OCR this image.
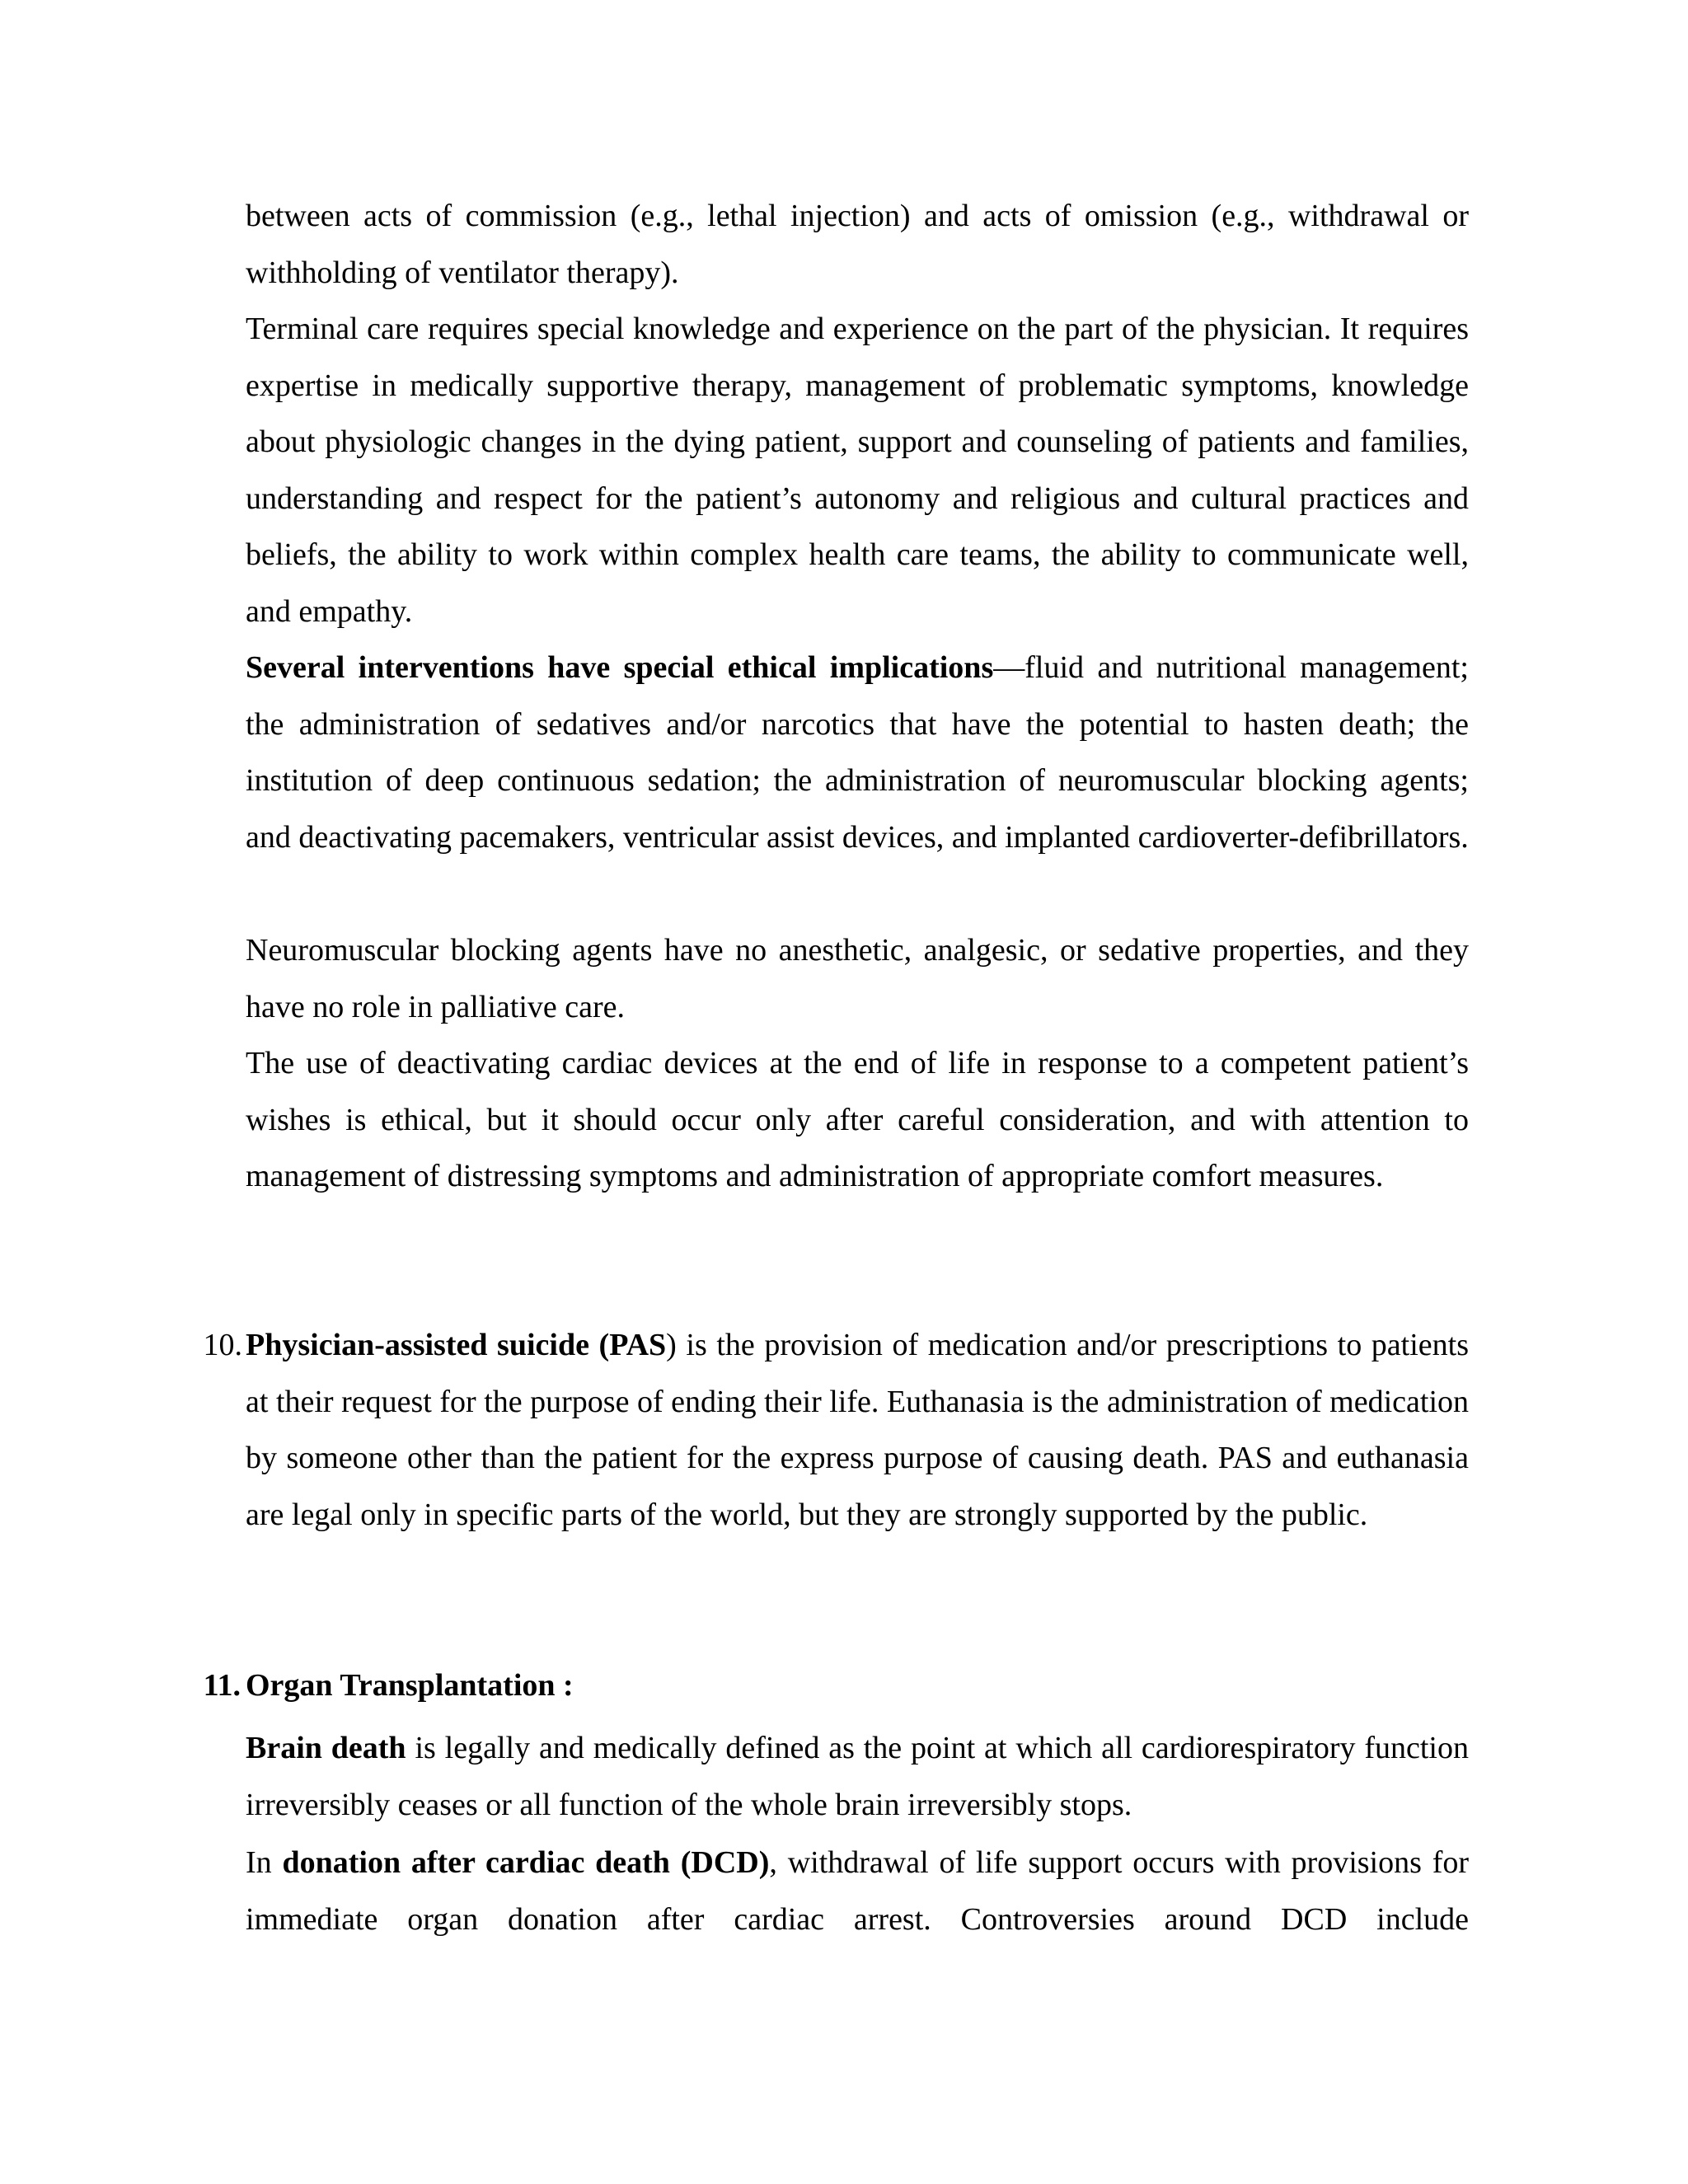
between acts of commission (e.g., lethal injection) and acts of omission (e.g., withdrawal or withholding of ventilator therapy).

Terminal care requires special knowledge and experience on the part of the physician. It requires expertise in medically supportive therapy, management of problematic symptoms, knowledge about physiologic changes in the dying patient, support and counseling of patients and families, understanding and respect for the patient’s autonomy and religious and cultural practices and beliefs, the ability to work within complex health care teams, the ability to communicate well, and empathy.

Several interventions have special ethical implications—fluid and nutritional management; the administration of sedatives and/or narcotics that have the potential to hasten death; the institution of deep continuous sedation; the administration of neuromuscular blocking agents; and deactivating pacemakers, ventricular assist devices, and implanted cardioverter-defibrillators.

Neuromuscular blocking agents have no anesthetic, analgesic, or sedative properties, and they have no role in palliative care.

The use of deactivating cardiac devices at the end of life in response to a competent patient’s wishes is ethical, but it should occur only after careful consideration, and with attention to management of distressing symptoms and administration of appropriate comfort measures.

10. Physician-assisted suicide (PAS) is the provision of medication and/or prescriptions to patients at their request for the purpose of ending their life. Euthanasia is the administration of medication by someone other than the patient for the express purpose of causing death. PAS and euthanasia are legal only in specific parts of the world, but they are strongly supported by the public.

11. Organ Transplantation :

Brain death is legally and medically defined as the point at which all cardiorespiratory function irreversibly ceases or all function of the whole brain irreversibly stops.

In donation after cardiac death (DCD), withdrawal of life support occurs with provisions for immediate organ donation after cardiac arrest. Controversies around DCD include
